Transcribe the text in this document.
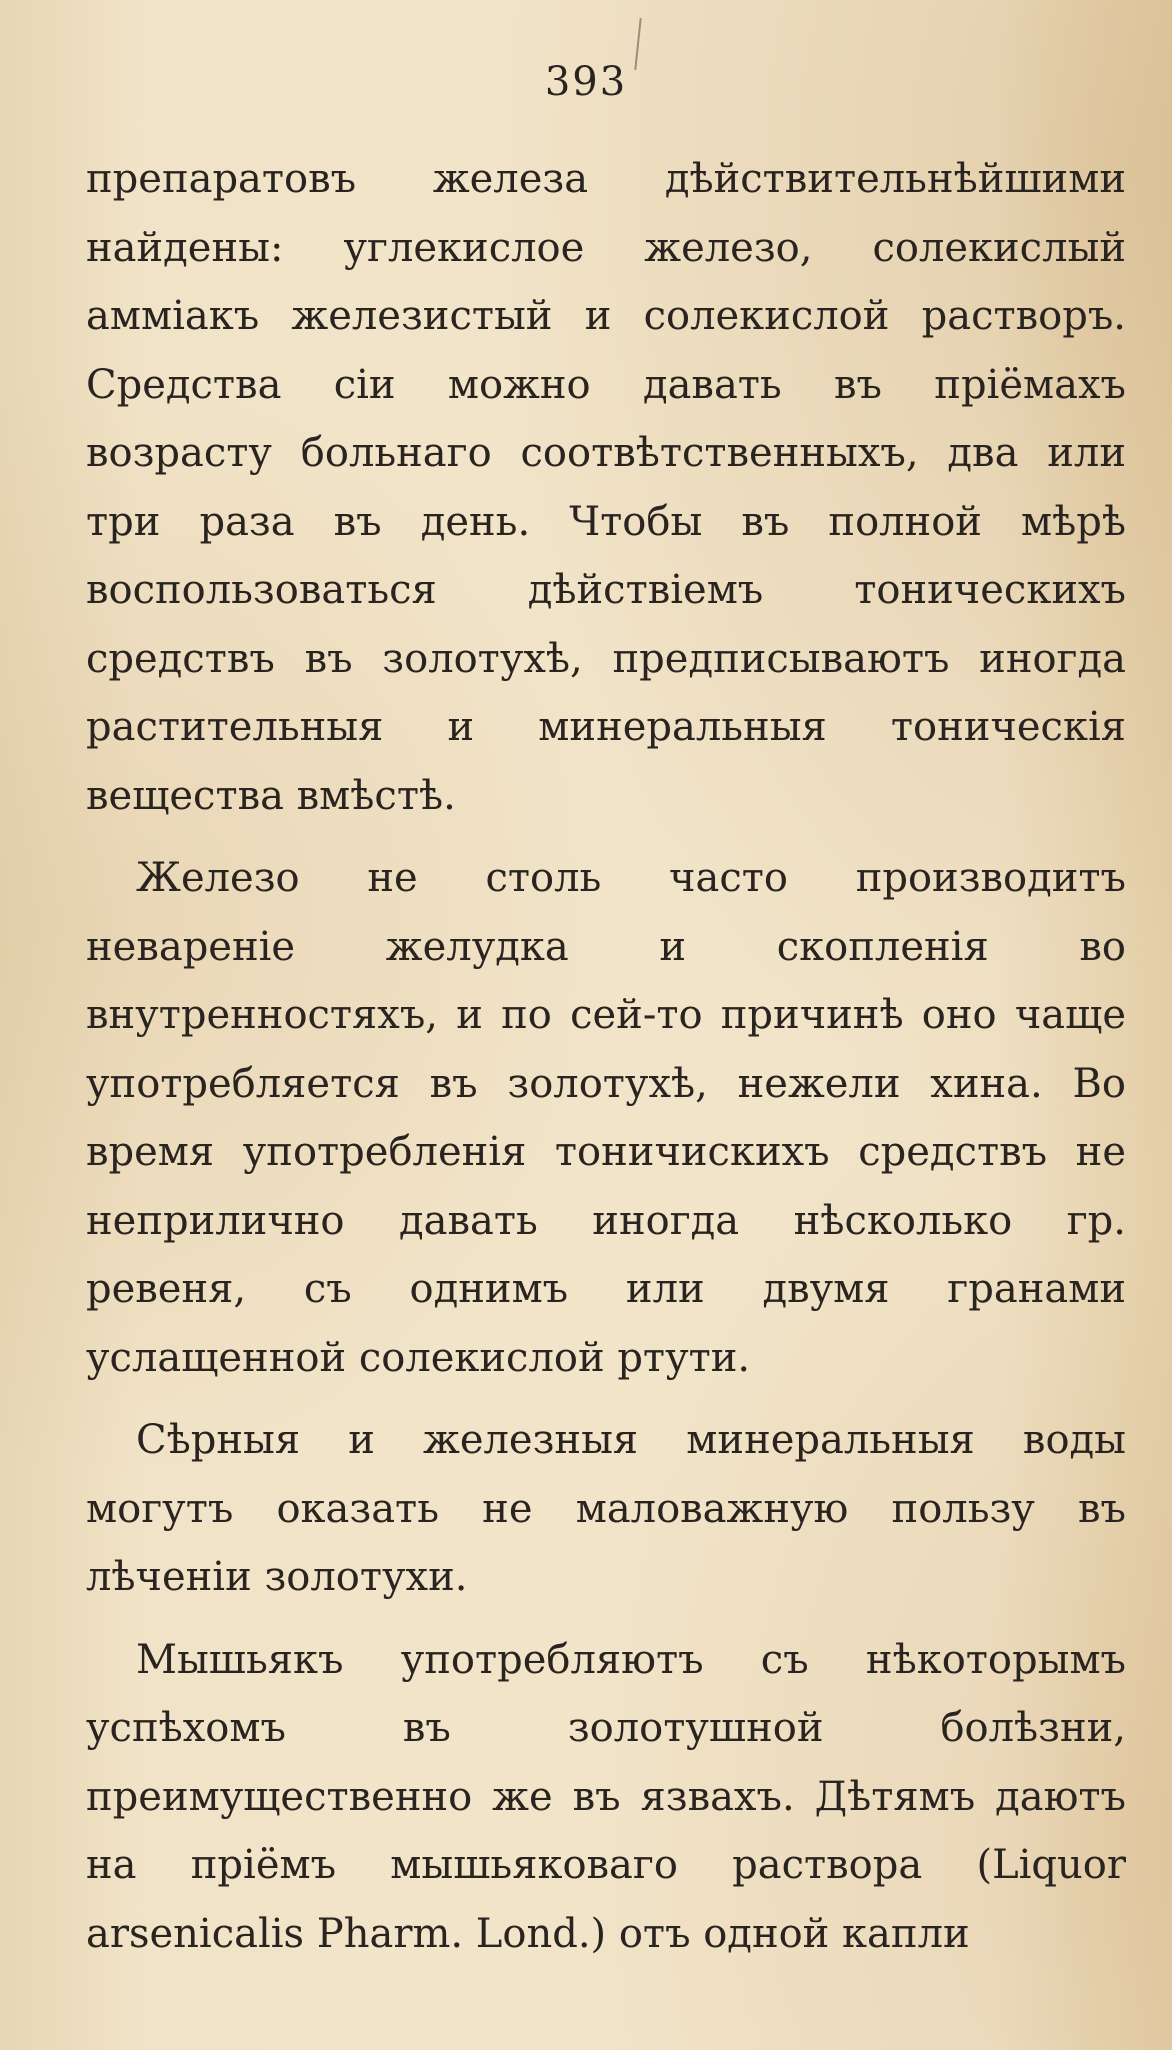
393

препаратовъ железа дѣйствительнѣйшими найдены: углекислое железо, солекислый амміакъ железистый и солекислой растворъ. Средства сіи можно давать въ пріёмахъ возрасту больнаго соотвѣтственныхъ, два или три раза въ день. Чтобы въ полной мѣрѣ воспользоваться дѣйствіемъ тоническихъ средствъ въ золотухѣ, предписываютъ иногда растительныя и минеральныя тоническія вещества вмѣстѣ.

Железо не столь часто производитъ невареніе желудка и скопленія во внутренностяхъ, и по сей-то причинѣ оно чаще употребляется въ золотухѣ, нежели хина. Во время употребленія тоничискихъ средствъ не неприлично давать иногда нѣсколько гр. ревеня, съ однимъ или двумя гранами услащенной солекислой ртути.

Сѣрныя и железныя минеральныя воды могутъ оказать не маловажную пользу въ лѣченіи золотухи.

Мышьякъ употребляютъ съ нѣкоторымъ успѣхомъ въ золотушной болѣзни, преимущественно же въ язвахъ. Дѣтямъ даютъ на пріёмъ мышьяковаго раствора (Liquor arsenicalis Pharm. Lond.) отъ одной капли
